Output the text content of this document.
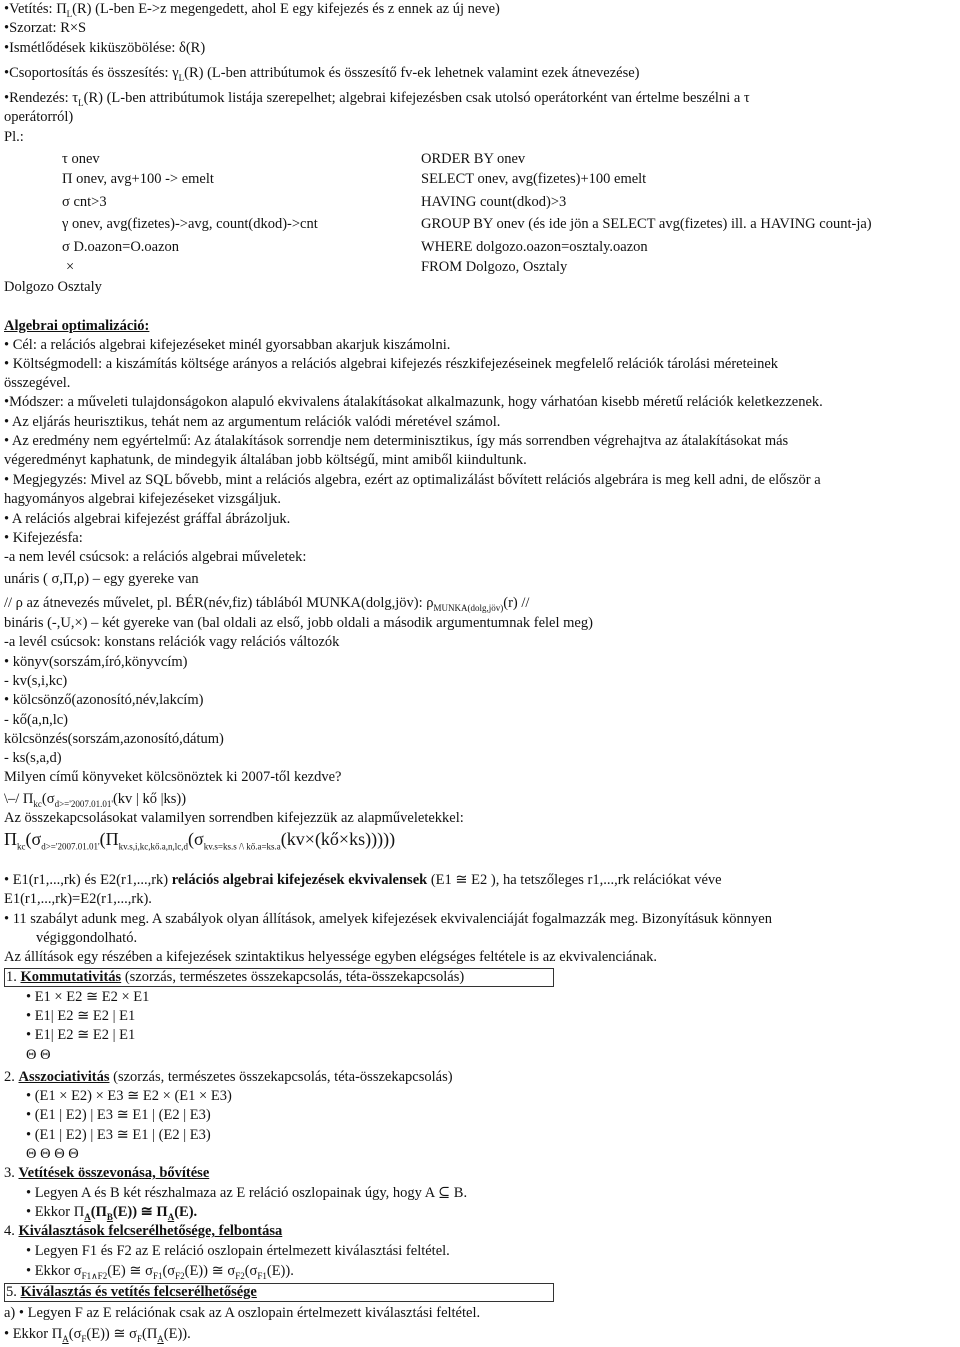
•Vetítés: $\Pi_L(R)$ (L-ben E->z megengedett, ahol E egy kifejezés és z ennek az új neve)
•Szorzat: R×S
•Ismétlődések kiküszöbölése: δ(R)
•Csoportosítás és összesítés: $\gamma_L(R)$ (L-ben attribútumok és összesítő fv-ek lehetnek valamint ezek átnevezése)
•Rendezés: $\tau_L(R)$ (L-ben attribútumok listája szerepelhet; algebrai kifejezésben csak utolsó operátorként van értelme beszélni a τ
operátorról)
Pl.:
τ onev
Π onev, avg+100 -> emelt
σ cnt>3
γ onev, avg(fizetes)->avg, count(dkod)->cnt
σ D.oazon=O.oazon
×
Dolgozo Osztaly
ORDER BY onev
SELECT onev, avg(fizetes)+100 emelt
HAVING count(dkod)>3
GROUP BY onev (és ide jön a SELECT avg(fizetes) ill. a HAVING count-ja)
WHERE dolgozo.oazon=osztaly.oazon
FROM Dolgozo, Osztaly
Algebrai optimalizáció:
• Cél: a relációs algebrai kifejezéseket minél gyorsabban akarjuk kiszámolni.
• Költségmodell: a kiszámítás költsége arányos a relációs algebrai kifejezés részkifejezéseinek megfelelő relációk tárolási méreteinek
összegével.
•Módszer: a műveleti tulajdonságokon alapuló ekvivalens átalakításokat alkalmazunk, hogy várhatóan kisebb méretű relációk keletkezzenek.
• Az eljárás heurisztikus, tehát nem az argumentum relációk valódi méretével számol.
• Az eredmény nem egyértelmű: Az átalakítások sorrendje nem determinisztikus, így más sorrendben végrehajtva az átalakításokat más
végeredményt kaphatunk, de mindegyik általában jobb költségű, mint amiből kiindultunk.
• Megjegyzés: Mivel az SQL bővebb, mint a relációs algebra, ezért az optimalizálást bővített relációs algebrára is meg kell adni, de először a
hagyományos algebrai kifejezéseket vizsgáljuk.
• A relációs algebrai kifejezést gráffal ábrázoljuk.
• Kifejezésfa:
-a nem levél csúcsok: a relációs algebrai műveletek:
unáris ( σ,Π,ρ) – egy gyereke van
// ρ az átnevezés művelet, pl. BÉR(név,fiz) táblából MUNKA(dolg,jöv): $\rho_{MUNKA(dolg,jöv)}(r)$ //
bináris (-,U,×) – két gyereke van (bal oldali az első, jobb oldali a második argumentumnak felel meg)
-a levél csúcsok: konstans relációk vagy relációs változók
• könyv(sorszám,író,könyvcím)
- kv(s,i,kc)
• kölcsönző(azonosító,név,lakcím)
- kő(a,n,lc)
kölcsönzés(sorszám,azonosító,dátum)
- ks(s,a,d)
Milyen című könyveket kölcsönöztek ki 2007-től kezdve?
\–/ $\Pi_{kc}(\sigma_{d>='2007.01.01'}(kv$ | kő |ks))
Az összekapcsolásokat valamilyen sorrendben kifejezzük az alapműveletekkel:
$\Pi_{kc}(\sigma_{d>='2007.01.01'}(\Pi_{kv.s,i,kc,kő.a,n,lc,d}(\sigma_{kv.s=ks.s /\backslash kő.a=ks.a}(kv\times(kő\times ks)))))$
• E1(r1,...,rk) és E2(r1,...,rk) relációs algebrai kifejezések ekvivalensek (E1 ≅ E2 ), ha tetszőleges r1,...,rk relációkat véve
E1(r1,...,rk)=E2(r1,...,rk).
• 11 szabályt adunk meg. A szabályok olyan állítások, amelyek kifejezések ekvivalenciáját fogalmazzák meg. Bizonyításuk könnyen
végiggondolható.
Az állítások egy részében a kifejezések szintaktikus helyessége egyben elégséges feltétele is az ekvivalenciának.
1. Kommutativitás (szorzás, természetes összekapcsolás, téta-összekapcsolás)
• E1 × E2 ≅ E2 × E1
• E1| E2 ≅ E2 | E1
• E1| E2 ≅ E2 | E1
Θ Θ
2. Asszociativitás (szorzás, természetes összekapcsolás, téta-összekapcsolás)
• (E1 × E2) × E3 ≅ E2 × (E1 × E3)
• (E1 | E2) | E3 ≅ E1 | (E2 | E3)
• (E1 | E2) | E3 ≅ E1 | (E2 | E3)
Θ Θ Θ Θ
3. Vetítések összevonása, bővítése
• Legyen A és B két részhalmaza az E reláció oszlopainak úgy, hogy A ⊆ B.
• Ekkor $\Pi_A(\Pi_B(E))$ ≅ $\Pi_A(E)$.
4. Kiválasztások felcserélhetősége, felbontása
• Legyen F1 és F2 az E reláció oszlopain értelmezett kiválasztási feltétel.
• Ekkor $\sigma_{F1\wedge F2}(E)$ ≅ $\sigma_{F1}(\sigma_{F2}(E))$ ≅ $\sigma_{F2}(\sigma_{F1}(E))$.
5. Kiválasztás és vetítés felcserélhetősége
a) • Legyen F az E relációnak csak az A oszlopain értelmezett kiválasztási feltétel.
• Ekkor $\Pi_A(\sigma_F(E))$ ≅ $\sigma_F(\Pi_A(E))$.
